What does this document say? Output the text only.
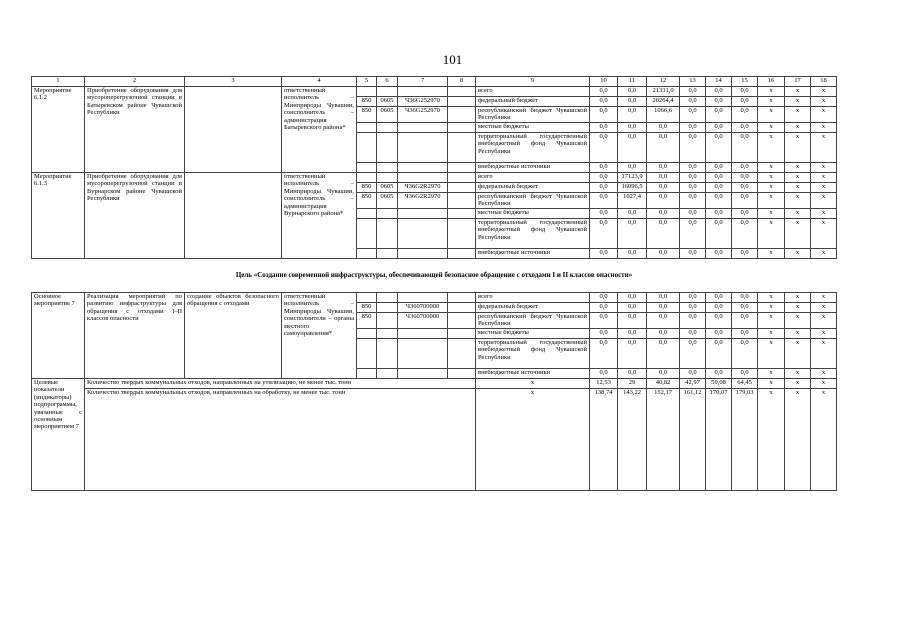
101
1	2	3	4	5	6	7	8	9	10	11	12	13	14	15	16	17	18
Мероприятие 6.1.2	Приобретение оборудования для мусороперегрузочной станции в Батыревском районе Чувашской Республики		ответственный исполнитель – Минприроды Чувашии, соисполнитель – администрация Батыревского района*					всего	0,0	0,0	21331,0	0,0	0,0	0,0	x	x	x
				850	0605	Ч36G252970		федеральный бюджет	0,0	0,0	20264,4	0,0	0,0	0,0	x	x	x
				850	0605	Ч36G252970		республиканский бюджет Чувашской Республики	0,0	0,0	1066,6	0,0	0,0	0,0	x	x	x
								местные бюджеты	0,0	0,0	0,0	0,0	0,0	0,0	x	x	x
								территориальный государственный внебюджетный фонд Чувашской Республики	0,0	0,0	0,0	0,0	0,0	0,0	x	x	x
								внебюджетные источники	0,0	0,0	0,0	0,0	0,0	0,0	x	x	x
Мероприятие 6.1.3	Приобретение оборудования для мусороперегрузочной станции в Вурнарском районе Чувашской Республики		ответственный исполнитель – Минприроды Чувашии, соисполнитель – администрация Вурнарского района*					всего	0,0	17123,9	0,0	0,0	0,0	0,0	x	x	x
				850	0605	Ч36G2R2970		федеральный бюджет	0,0	16096,5	0,0	0,0	0,0	0,0	x	x	x
				850	0605	Ч36G2R2970		республиканский бюджет Чувашской Республики	0,0	1027,4	0,0	0,0	0,0	0,0	x	x	x
								местные бюджеты	0,0	0,0	0,0	0,0	0,0	0,0	x	x	x
								территориальный государственный внебюджетный фонд Чувашской Республики	0,0	0,0	0,0	0,0	0,0	0,0	x	x	x
								внебюджетные источники	0,0	0,0	0,0	0,0	0,0	0,0	x	x	x
Цель «Создание современной инфраструктуры, обеспечивающей безопасное обращение с отходами I и II классов опасности»																	
Основное мероприятие 7	Реализация мероприятий по развитию инфраструктуры для обращения с отходами I–II классов опасности	создание объектов безопасного обращения с отходами	ответственный исполнитель – Минприроды Чувашии, соисполнители – органы местного самоуправления*					всего	0,0	0,0	0,0	0,0	0,0	0,0	x	x	x
				850		Ч360700000		федеральный бюджет	0,0	0,0	0,0	0,0	0,0	0,0	x	x	x
				850		Ч360700000		республиканский бюджет Чувашской Республики	0,0	0,0	0,0	0,0	0,0	0,0	x	x	x
								местные бюджеты	0,0	0,0	0,0	0,0	0,0	0,0	x	x	x
								территориальный государственный внебюджетный фонд Чувашской Республики	0,0	0,0	0,0	0,0	0,0	0,0	x	x	x
								внебюджетные источники	0,0	0,0	0,0	0,0	0,0	0,0	x	x	x
Целевые показатели (индикаторы) подпрограммы, увязанные с основным мероприятием 7	Количество твердых коммунальных отходов, направленных на утилизацию, не менее тыс. тонн							x	12,53	29	40,82	42,97	59,08	64,45	x	x	x
	Количество твердых коммунальных отходов, направленных на обработку, не менее тыс. тонн							x	138,74	143,22	152,17	161,12	170,07	179,03	x	x	x
